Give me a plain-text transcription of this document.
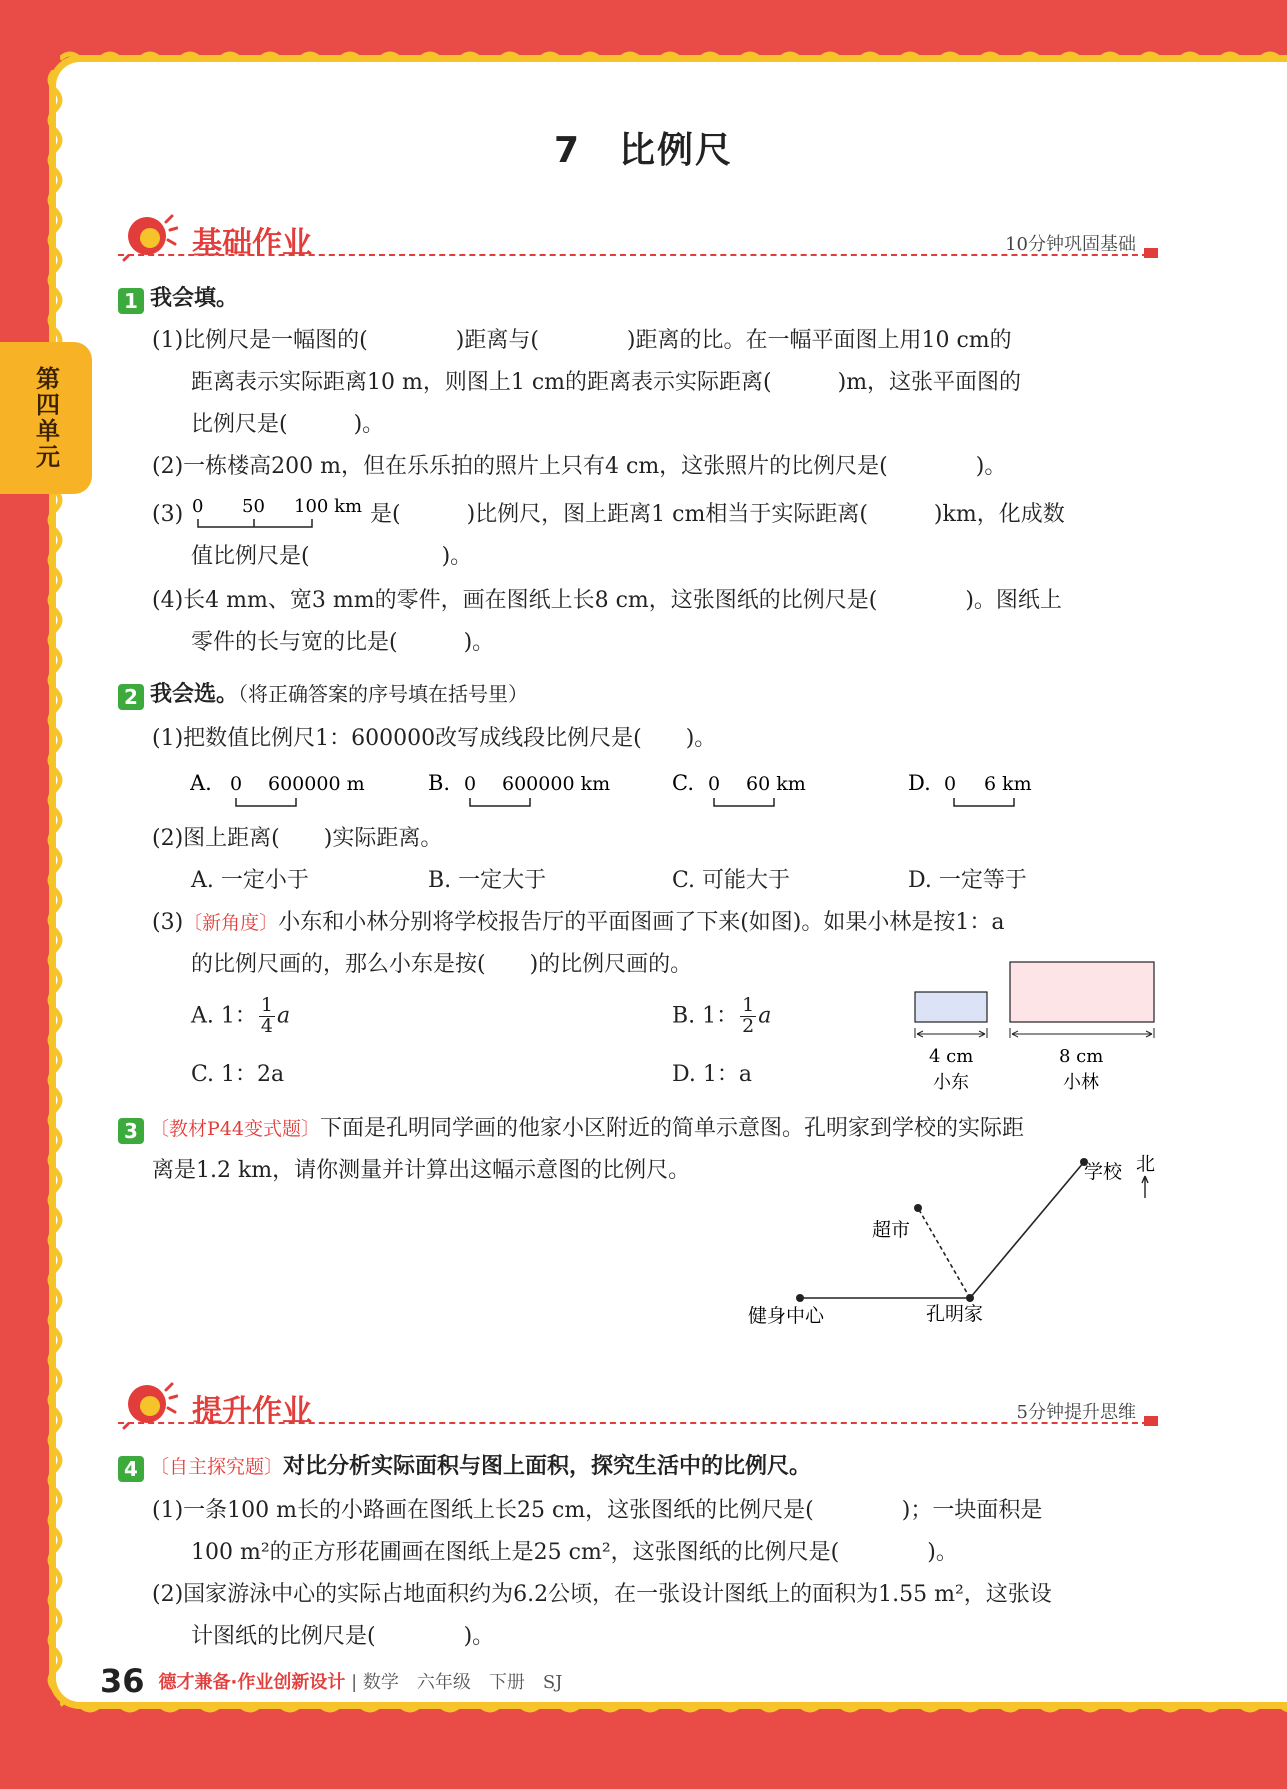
第四单元
7　比例尺
基础作业	10分钟巩固基础
1 我会填。
(1)比例尺是一幅图的(　　　　)距离与(　　　　)距离的比。在一幅平面图上用10 cm的
距离表示实际距离10 m，则图上1 cm的距离表示实际距离(　　　)m，这张平面图的
比例尺是(　　　)。
(2)一栋楼高200 m，但在乐乐拍的照片上只有4 cm，这张照片的比例尺是(　　　　)。
(3) 0 50 100 km 是(　　　)比例尺，图上距离1 cm相当于实际距离(　　　)km，化成数
值比例尺是(　　　　　　)。
(4)长4 mm、宽3 mm的零件，画在图纸上长8 cm，这张图纸的比例尺是(　　　　)。图纸上
零件的长与宽的比是(　　　)。
2 我会选。（将正确答案的序号填在括号里）
(1)把数值比例尺1：600000改写成线段比例尺是(　　)。
A. 0 600000 m	B. 0 600000 km	C. 0 60 km	D. 0 6 km
(2)图上距离(　　)实际距离。
A. 一定小于	B. 一定大于	C. 可能大于	D. 一定等于
(3)〔新角度〕小东和小林分别将学校报告厅的平面图画了下来(如图)。如果小林是按1：a
的比例尺画的，那么小东是按(　　)的比例尺画的。
A. 1： $\frac{1}{4}$ a	B. 1： $\frac{1}{2}$ a
C. 1：2a	D. 1：a
4 cm
小东
8 cm
小林
3 〔教材P44变式题〕下面是孔明同学画的他家小区附近的简单示意图。孔明家到学校的实际距
离是1.2 km，请你测量并计算出这幅示意图的比例尺。	学校 北
超市
健身中心	孔明家
提升作业	5分钟提升思维
4 〔自主探究题〕对比分析实际面积与图上面积，探究生活中的比例尺。
(1)一条100 m长的小路画在图纸上长25 cm，这张图纸的比例尺是(　　　　)；一块面积是
100 m²的正方形花圃画在图纸上是25 cm²，这张图纸的比例尺是(　　　　)。
(2)国家游泳中心的实际占地面积约为6.2公顷，在一张设计图纸上的面积为1.55 m²，这张设
计图纸的比例尺是(　　　　)。
36 德才兼备·作业创新设计 | 数学　六年级　下册　SJ
